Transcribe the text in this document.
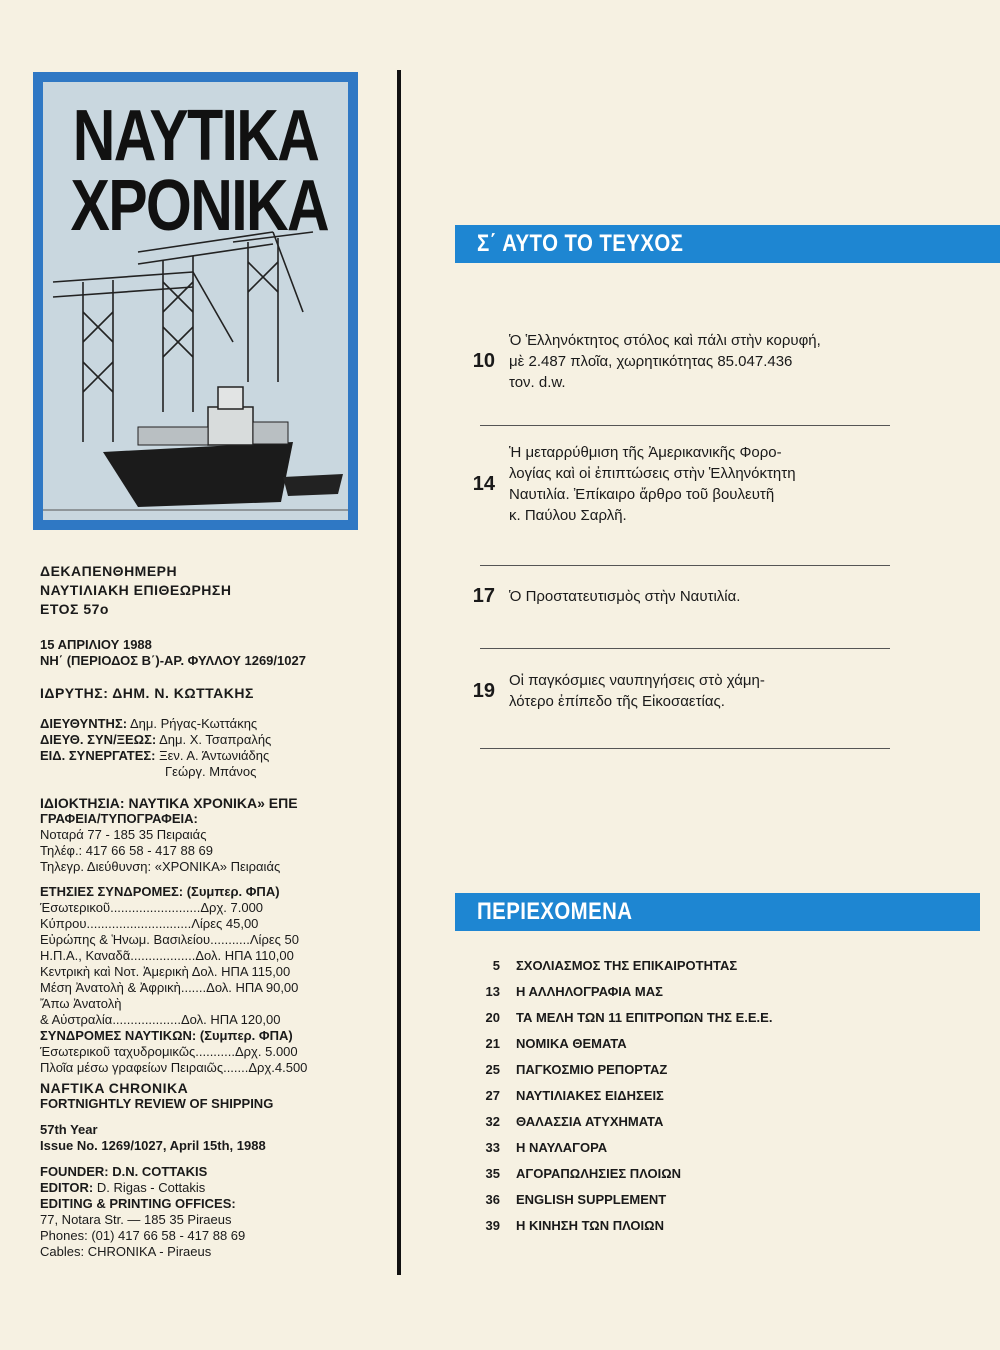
ΝΑΥΤΙΚΑ
ΧΡΟΝΙΚΑ
ΔΕΚΑΠΕΝΘΗΜΕΡΗ
ΝΑΥΤΙΛΙΑΚΗ ΕΠΙΘΕΩΡΗΣΗ
ΕΤΟΣ 57ο
15 ΑΠΡΙΛΙΟΥ 1988
ΝΗ΄ (ΠΕΡΙΟΔΟΣ Β΄)-ΑΡ. ΦΥΛΛΟΥ 1269/1027
ΙΔΡΥΤΗΣ: ΔΗΜ. Ν. ΚΩΤΤΑΚΗΣ
ΔΙΕΥΘΥΝΤΗΣ: Δημ. Ρήγας-Κωττάκης
ΔΙΕΥΘ. ΣΥΝ/ΞΕΩΣ: Δημ. Χ. Τσαπραλής
ΕΙΔ. ΣΥΝΕΡΓΑΤΕΣ: Ξεν. Α. Άντωνιάδης
Γεώργ. Μπάνος
ΙΔΙΟΚΤΗΣΙΑ: ΝΑΥΤΙΚΑ ΧΡΟΝΙΚΑ» ΕΠΕ
ΓΡΑΦΕΙΑ/ΤΥΠΟΓΡΑΦΕΙΑ:
Νοταρά 77 - 185 35 Πειραιάς
Τηλέφ.: 417 66 58 - 417 88 69
Τηλεγρ. Διεύθυνση: «ΧΡΟΝΙΚΑ» Πειραιάς
ΕΤΗΣΙΕΣ ΣΥΝΔΡΟΜΕΣ: (Συμπερ. ΦΠΑ)
Έσωτερικοῦ.........................Δρχ. 7.000
Κύπρου.............................Λίρες 45,00
Εὐρώπης & Ἡνωμ. Βασιλείου...........Λίρες 50
Η.Π.Α., Καναδᾶ..................Δολ. ΗΠΑ 110,00
Κεντρικὴ καὶ Νοτ. Ἀμερικὴ Δολ. ΗΠΑ 115,00
Μέση Ἀνατολὴ & Ἀφρικὴ.......Δολ. ΗΠΑ 90,00
Ἄπω Ἀνατολὴ
& Αὐστραλία...................Δολ. ΗΠΑ 120,00
ΣΥΝΔΡΟΜΕΣ ΝΑΥΤΙΚΩΝ: (Συμπερ. ΦΠΑ)
Έσωτερικοῦ ταχυδρομικῶς...........Δρχ. 5.000
Πλοῖα μέσω γραφείων Πειραιῶς.......Δρχ.4.500
NAFTIKA CHRONIKA
FORTNIGHTLY REVIEW OF SHIPPING
57th Year
Issue No. 1269/1027, April 15th, 1988
FOUNDER: D.N. COTTAKIS
EDITOR: D. Rigas - Cottakis
EDITING & PRINTING OFFICES:
77, Notara Str. — 185 35 Piraeus
Phones: (01) 417 66 58 - 417 88 69
Cables: CHRONIKA - Piraeus
Σ΄ ΑΥΤΟ ΤΟ ΤΕΥΧΟΣ
10
Ὁ Ἑλληνόκτητος στόλος καὶ πάλι στὴν κορυφή,
μὲ 2.487 πλοῖα, χωρητικότητας 85.047.436
τον. d.w.
14
Ἡ μεταρρύθμιση τῆς Ἀμερικανικῆς Φορο-
λογίας καὶ οἱ ἐπιπτώσεις στὴν Ἑλληνόκτητη
Ναυτιλία. Ἐπίκαιρο ἄρθρο τοῦ βουλευτῆ
κ. Παύλου Σαρλῆ.
17 Ὁ Προστατευτισμὸς στὴν Ναυτιλία.
19 Οἱ παγκόσμιες ναυπηγήσεις στὸ χάμη-
λότερο ἐπίπεδο τῆς Εἰκοσαετίας.
ΠΕΡΙΕΧΟΜΕΝΑ
5 ΣΧΟΛΙΑΣΜΟΣ ΤΗΣ ΕΠΙΚΑΙΡΟΤΗΤΑΣ
13 Η ΑΛΛΗΛΟΓΡΑΦΙΑ ΜΑΣ
20 ΤΑ ΜΕΛΗ ΤΩΝ 11 ΕΠΙΤΡΟΠΩΝ ΤΗΣ Ε.Ε.Ε.
21 ΝΟΜΙΚΑ ΘΕΜΑΤΑ
25 ΠΑΓΚΟΣΜΙΟ ΡΕΠΟΡΤΑΖ
27 ΝΑΥΤΙΛΙΑΚΕΣ ΕΙΔΗΣΕΙΣ
32 ΘΑΛΑΣΣΙΑ ΑΤΥΧΗΜΑΤΑ
33 Η ΝΑΥΛΑΓΟΡΑ
35 ΑΓΟΡΑΠΩΛΗΣΙΕΣ ΠΛΟΙΩΝ
36 ENGLISH SUPPLEMENT
39 Η ΚΙΝΗΣΗ ΤΩΝ ΠΛΟΙΩΝ
